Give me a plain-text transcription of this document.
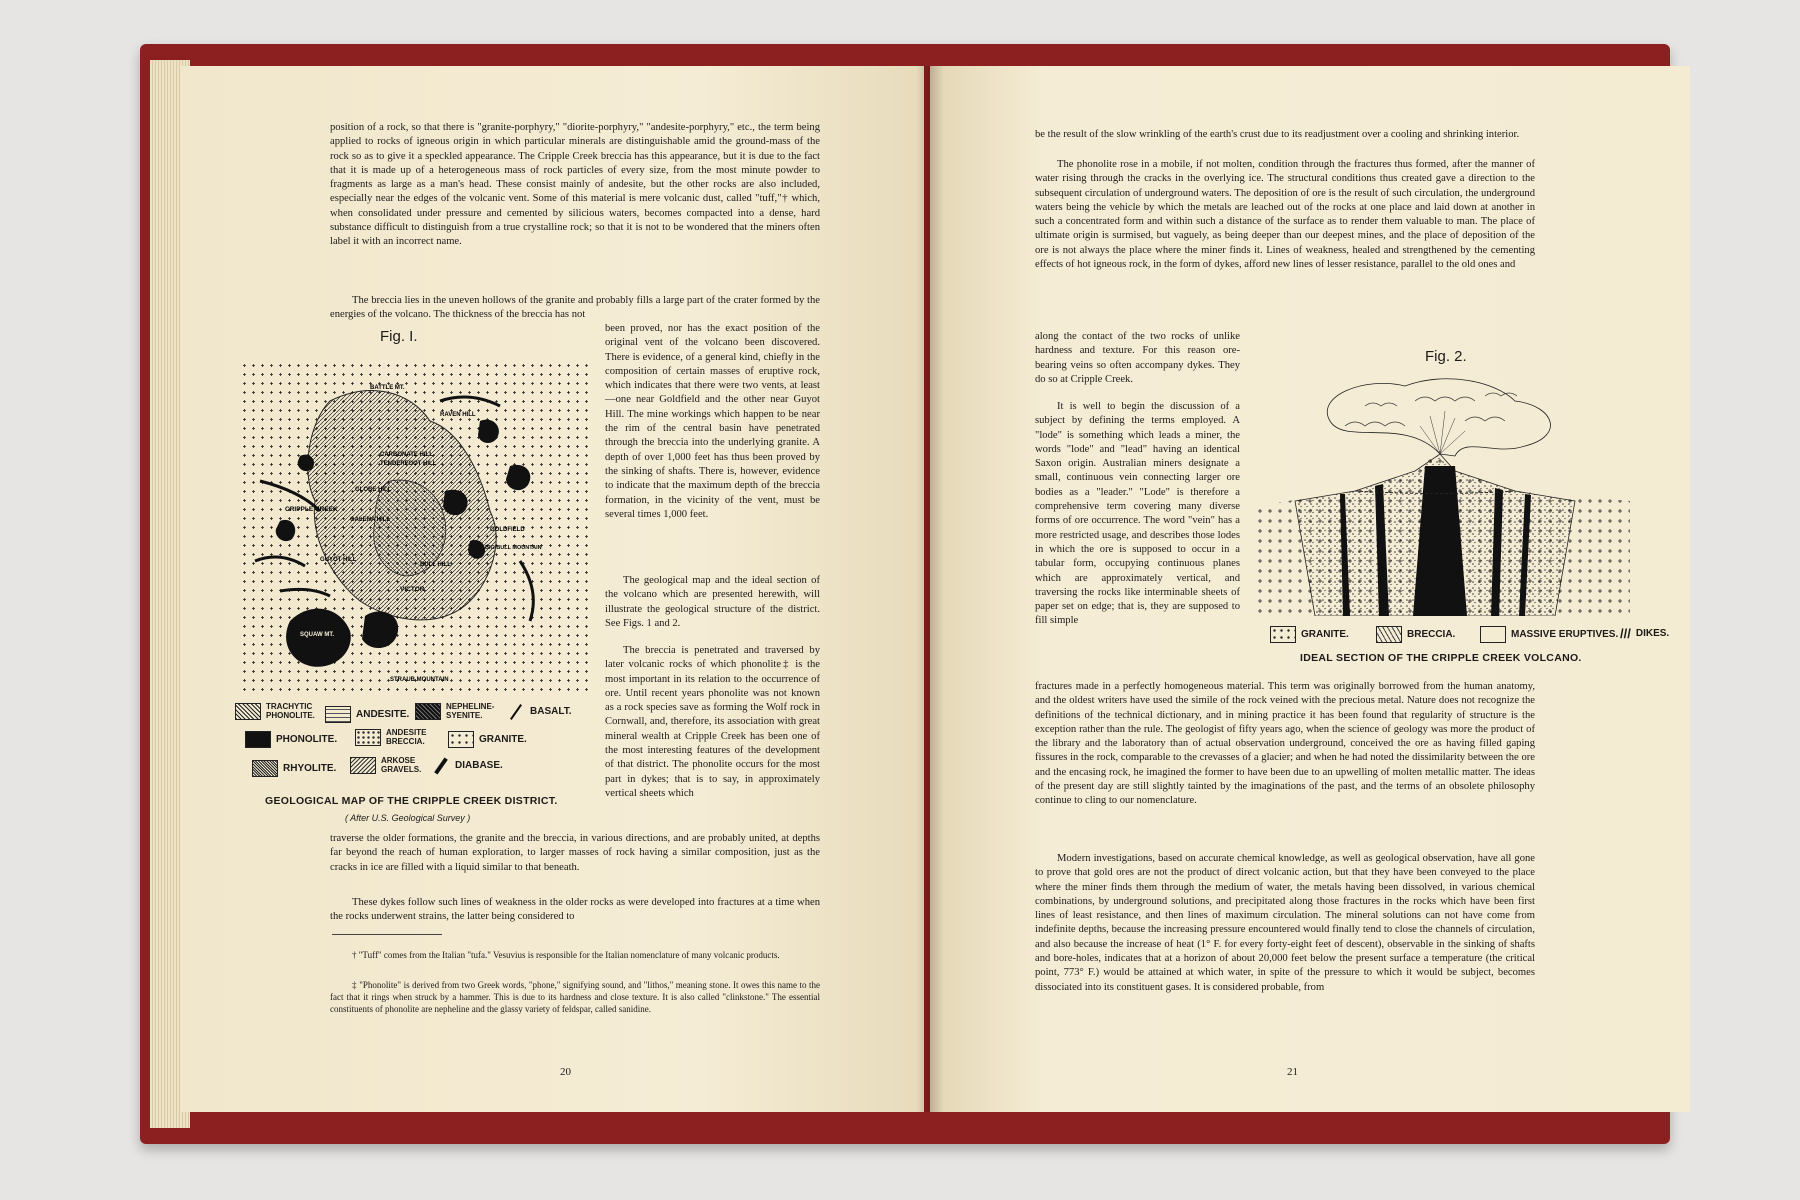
position of a rock, so that there is "granite-porphyry," "diorite-porphyry," "andesite-porphyry," etc., the term being applied to rocks of igneous origin in which particular minerals are distinguishable amid the ground-mass of the rock so as to give it a speckled appearance. The Cripple Creek breccia has this appearance, but it is due to the fact that it is made up of a heterogeneous mass of rock particles of every size, from the most minute powder to fragments as large as a man's head. These consist mainly of andesite, but the other rocks are also included, especially near the edges of the volcanic vent. Some of this material is mere volcanic dust, called "tuff,"† which, when consolidated under pressure and cemented by silicious waters, becomes compacted into a dense, hard substance difficult to distinguish from a true crystalline rock; so that it is not to be wondered that the miners often label it with an incorrect name.

The breccia lies in the uneven hollows of the granite and probably fills a large part of the crater formed by the energies of the volcano. The thickness of the breccia has not

been proved, nor has the exact position of the original vent of the volcano been discovered. There is evidence, of a general kind, chiefly in the composition of certain masses of eruptive rock, which indicates that there were two vents, at least—one near Goldfield and the other near Guyot Hill. The mine workings which happen to be near the rim of the central basin have penetrated through the breccia into the underlying granite. A depth of over 1,000 feet has thus been proved by the sinking of shafts. There is, however, evidence to indicate that the maximum depth of the breccia formation, in the vicinity of the vent, must be several times 1,000 feet.

The geological map and the ideal section of the volcano which are presented herewith, will illustrate the geological structure of the district. See Figs. 1 and 2.

The breccia is penetrated and traversed by later volcanic rocks of which phonolite‡ is the most important in its relation to the occurrence of ore. Until recent years phonolite was not known as a rock species save as forming the Wolf rock in Cornwall, and, therefore, its association with great mineral wealth at Cripple Creek has been one of the most interesting features of the development of that district. The phonolite occurs for the most part in dykes; that is to say, in approximately vertical sheets which

Fig. I.
BATTLE MT.
RAVEN HILL
CARBONATE HILL
TENDERFOOT HILL
GLOBE HILL
CRIPPLE CREEK
GALENA HILL
GOLDFIELD
BIG BULL MOUNTAIN
BULL HILL
VICTOR
GUYOT HILL
SQUAW MT.
STRAUB MOUNTAIN
TRACHYTIC PHONOLITE.	ANDESITE.
NEPHELINE-SYENITE.	BASALT.
PHONOLITE.
ANDESITE BRECCIA.	GRANITE.
RHYOLITE.
ARKOSE GRAVELS.	DIABASE.
GEOLOGICAL MAP OF THE CRIPPLE CREEK DISTRICT.
( After U.S. Geological Survey )

traverse the older formations, the granite and the breccia, in various directions, and are probably united, at depths far beyond the reach of human exploration, to larger masses of rock having a similar composition, just as the cracks in ice are filled with a liquid similar to that beneath.

These dykes follow such lines of weakness in the older rocks as were developed into fractures at a time when the rocks underwent strains, the latter being considered to

† "Tuff" comes from the Italian "tufa." Vesuvius is responsible for the Italian nomenclature of many volcanic products.

‡ "Phonolite" is derived from two Greek words, "phone," signifying sound, and "lithos," meaning stone. It owes this name to the fact that it rings when struck by a hammer. This is due to its hardness and close texture. It is also called "clinkstone." The essential constituents of phonolite are nepheline and the glassy variety of feldspar, called sanidine.

20

be the result of the slow wrinkling of the earth's crust due to its readjustment over a cooling and shrinking interior.

The phonolite rose in a mobile, if not molten, condition through the fractures thus formed, after the manner of water rising through the cracks in the overlying ice. The structural conditions thus created gave a direction to the subsequent circulation of underground waters. The deposition of ore is the result of such circulation, the underground waters being the vehicle by which the metals are leached out of the rocks at one place and laid down at another in such a concentrated form and within such a distance of the surface as to render them valuable to man. The place of ultimate origin is surmised, but vaguely, as being deeper than our deepest mines, and the place of deposition of the ore is not always the place where the miner finds it. Lines of weakness, healed and strengthened by the cementing effects of hot igneous rock, in the form of dykes, afford new lines of lesser resistance, parallel to the old ones and

along the contact of the two rocks of unlike hardness and texture. For this reason ore-bearing veins so often accompany dykes. They do so at Cripple Creek.

It is well to begin the discussion of a subject by defining the terms employed. A "lode" is something which leads a miner, the words "lode" and "lead" having an identical Saxon origin. Australian miners designate a small, continuous vein connecting larger ore bodies as a "leader." "Lode" is therefore a comprehensive term covering many diverse forms of ore occurrence. The word "vein" has a more restricted usage, and describes those lodes in which the ore is supposed to occur in a tabular form, occupying continuous planes which are approximately vertical, and traversing the rocks like interminable sheets of paper set on edge; that is, they are supposed to fill simple

Fig. 2.
GRANITE.	BRECCIA.	MASSIVE ERUPTIVES. /// DIKES.
IDEAL SECTION OF THE CRIPPLE CREEK VOLCANO.

fractures made in a perfectly homogeneous material. This term was originally borrowed from the human anatomy, and the oldest writers have used the simile of the rock veined with the precious metal. Nature does not recognize the definitions of the technical dictionary, and in mining practice it has been found that regularity of structure is the exception rather than the rule. The geologist of fifty years ago, when the science of geology was more the product of the library and the laboratory than of actual observation underground, conceived the ore as having filled gaping fissures in the rock, comparable to the crevasses of a glacier; and when he had noted the dissimilarity between the ore and the encasing rock, he imagined the former to have been due to an upwelling of molten metallic matter. The ideas of the present day are still slightly tainted by the imaginations of the past, and the terms of an obsolete philosophy continue to cling to our nomenclature.

Modern investigations, based on accurate chemical knowledge, as well as geological observation, have all gone to prove that gold ores are not the product of direct volcanic action, but that they have been conveyed to the place where the miner finds them through the medium of water, the metals having been dissolved, in various chemical combinations, by underground solutions, and precipitated along those fractures in the rocks which have been first lines of least resistance, and then lines of maximum circulation. The mineral solutions can not have come from indefinite depths, because the increasing pressure encountered would finally tend to close the channels of circulation, and also because the increase of heat (1° F. for every forty-eight feet of descent), observable in the sinking of shafts and bore-holes, indicates that at a horizon of about 20,000 feet below the present surface a temperature (the critical point, 773° F.) would be attained at which water, in spite of the pressure to which it would be subject, becomes dissociated into its constituent gases. It is considered probable, from

21
